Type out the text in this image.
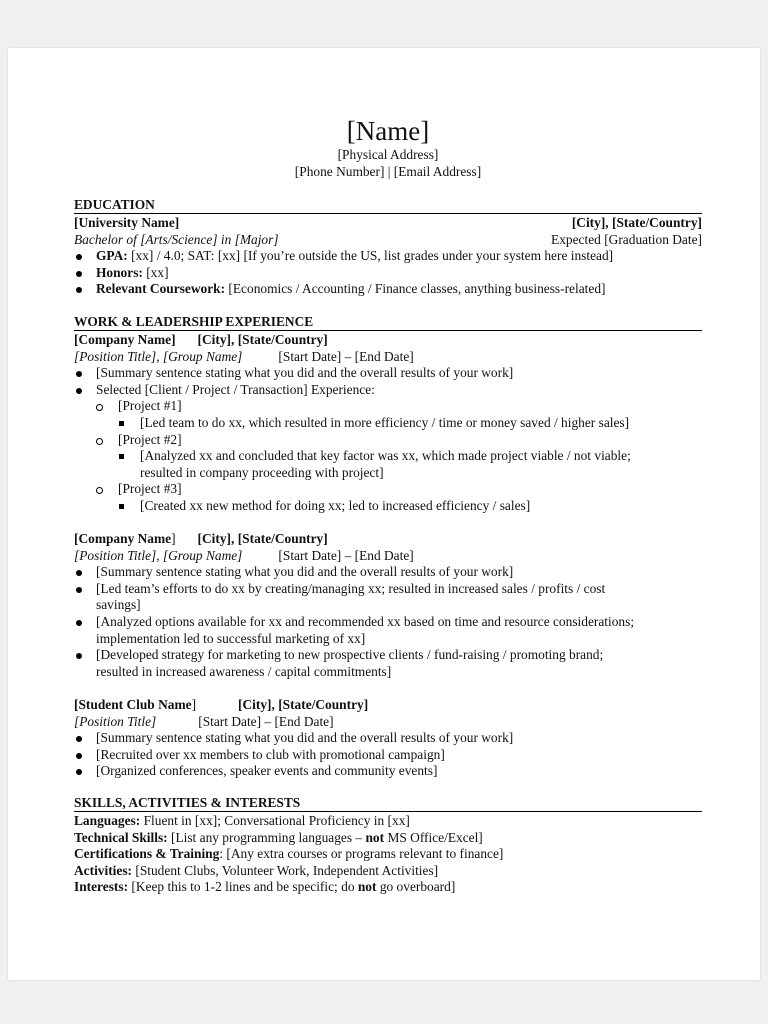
[Name]
[Physical Address]
[Phone Number] | [Email Address]
EDUCATION
[University Name]	[City], [State/Country]
Bachelor of [Arts/Science] in [Major]	Expected [Graduation Date]
GPA: [xx] / 4.0; SAT: [xx] [If you’re outside the US, list grades under your system here instead]
Honors: [xx]
Relevant Coursework: [Economics / Accounting / Finance classes, anything business-related]
WORK & LEADERSHIP EXPERIENCE
[Company Name] [City], [State/Country]
[Position Title], [Group Name]	[Start Date] – [End Date]
[Summary sentence stating what you did and the overall results of your work]
Selected [Client / Project / Transaction] Experience:
[Project #1]
[Led team to do xx, which resulted in more efficiency / time or money saved / higher sales]
[Project #2]
[Analyzed xx and concluded that key factor was xx, which made project viable / not viable;
resulted in company proceeding with project]
[Project #3]
[Created xx new method for doing xx; led to increased efficiency / sales]
[Company Name] [City], [State/Country]
[Position Title], [Group Name]	[Start Date] – [End Date]
[Summary sentence stating what you did and the overall results of your work]
[Led team’s efforts to do xx by creating/managing xx; resulted in increased sales / profits / cost
savings]
[Analyzed options available for xx and recommended xx based on time and resource considerations;
implementation led to successful marketing of xx]
[Developed strategy for marketing to new prospective clients / fund-raising / promoting brand;
resulted in increased awareness / capital commitments]
[Student Club Name]	[City], [State/Country]
[Position Title]	[Start Date] – [End Date]
[Summary sentence stating what you did and the overall results of your work]
[Recruited over xx members to club with promotional campaign]
[Organized conferences, speaker events and community events]
SKILLS, ACTIVITIES & INTERESTS
Languages: Fluent in [xx]; Conversational Proficiency in [xx]
Technical Skills: [List any programming languages – not MS Office/Excel]
Certifications & Training: [Any extra courses or programs relevant to finance]
Activities: [Student Clubs, Volunteer Work, Independent Activities]
Interests: [Keep this to 1-2 lines and be specific; do not go overboard]
